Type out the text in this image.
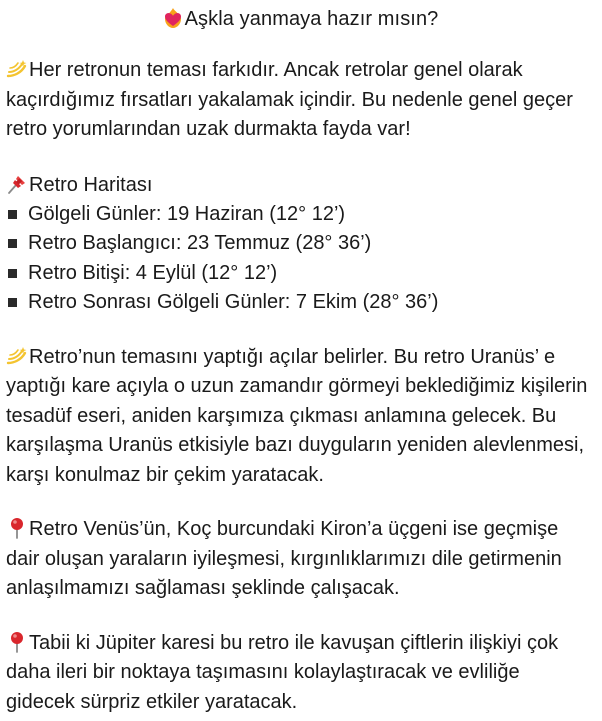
Aşkla yanmaya hazır mısın?

Her retronun teması farkıdır. Ancak retrolar genel olarak kaçırdığımız fırsatları yakalamak içindir. Bu nedenle genel geçer retro yorumlarından uzak durmakta fayda var!

Retro Haritası
Gölgeli Günler: 19 Haziran (12° 12’)
Retro Başlangıcı: 23 Temmuz (28° 36’)
Retro Bitişi: 4 Eylül (12° 12’)
Retro Sonrası Gölgeli Günler: 7 Ekim (28° 36’)

Retro’nun temasını yaptığı açılar belirler. Bu retro Uranüs’ e yaptığı kare açıyla o uzun zamandır görmeyi beklediğimiz kişilerin tesadüf eseri, aniden karşımıza çıkması anlamına gelecek. Bu karşılaşma Uranüs etkisiyle bazı duyguların yeniden alevlenmesi, karşı konulmaz bir çekim yaratacak.

Retro Venüs’ün, Koç burcundaki Kiron’a üçgeni ise geçmişe dair oluşan yaraların iyileşmesi, kırgınlıklarımızı dile getirmenin anlaşılmamızı sağlaması şeklinde çalışacak.

Tabii ki Jüpiter karesi bu retro ile kavuşan çiftlerin ilişkiyi çok daha ileri bir noktaya taşımasını kolaylaştıracak ve evliliğe gidecek sürpriz etkiler yaratacak.
